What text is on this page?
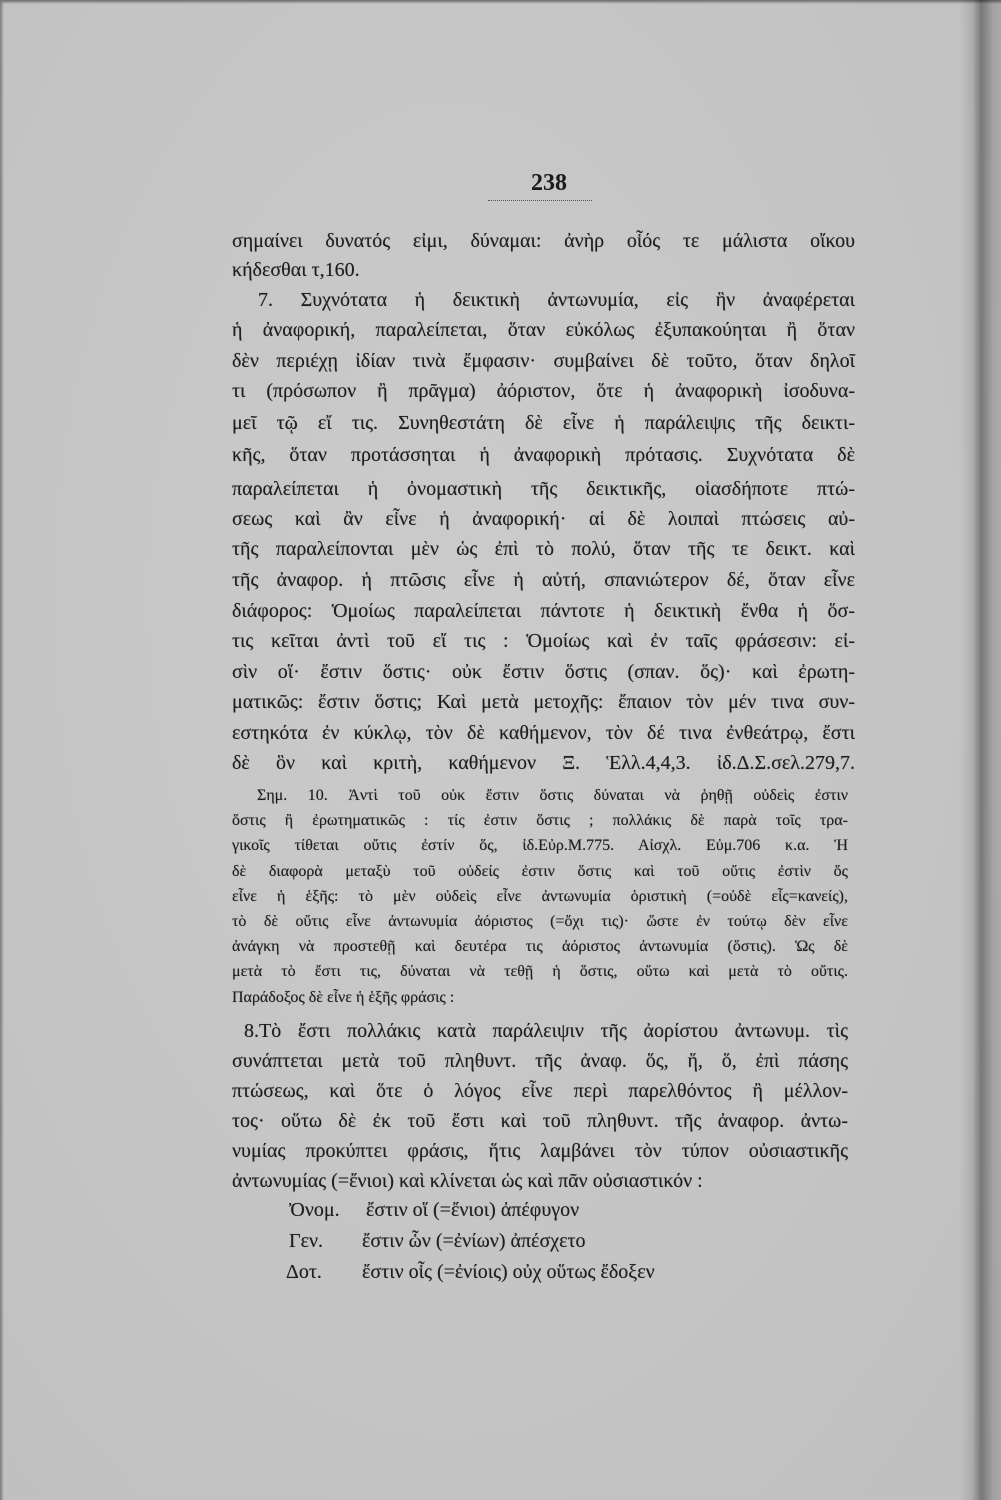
238
σημαίνει δυνατός εἰμι, δύναμαι: ἀνὴρ οἷός τε μάλιστα οἴκου
κήδεσθαι τ,160.
7. Συχνότατα ἡ δεικτικὴ ἀντωνυμία, εἰς ἣν ἀναφέρεται
ἡ ἀναφορική, παραλείπεται, ὅταν εὐκόλως ἐξυπακούηται ἢ ὅταν
δὲν περιέχῃ ἰδίαν τινὰ ἔμφασιν· συμβαίνει δὲ τοῦτο, ὅταν δηλοῖ
τι (πρόσωπον ἢ πρᾶγμα) ἀόριστον, ὅτε ἡ ἀναφορικὴ ἰσοδυνα-
μεῖ τῷ εἴ τις. Συνηθεστάτη δὲ εἶνε ἡ παράλειψις τῆς δεικτι-
κῆς, ὅταν προτάσσηται ἡ ἀναφορικὴ πρότασις. Συχνότατα δὲ
παραλείπεται ἡ ὀνομαστικὴ τῆς δεικτικῆς, οἱασδήποτε πτώ-
σεως καὶ ἂν εἶνε ἡ ἀναφορική· αἱ δὲ λοιπαὶ πτώσεις αὐ-
τῆς παραλείπονται μὲν ὡς ἐπὶ τὸ πολύ, ὅταν τῆς τε δεικτ. καὶ
τῆς ἀναφορ. ἡ πτῶσις εἶνε ἡ αὐτή, σπανιώτερον δέ, ὅταν εἶνε
διάφορος: Ὁμοίως παραλείπεται πάντοτε ἡ δεικτικὴ ἔνθα ἡ ὅσ-
τις κεῖται ἀντὶ τοῦ εἴ τις : Ὁμοίως καὶ ἐν ταῖς φράσεσιν: εἰ-
σὶν οἵ· ἔστιν ὅστις· οὐκ ἔστιν ὅστις (σπαν. ὅς)· καὶ ἐρωτη-
ματικῶς: ἔστιν ὅστις; Καὶ μετὰ μετοχῆς: ἔπαιον τὸν μέν τινα συν-
εστηκότα ἐν κύκλῳ, τὸν δὲ καθήμενον, τὸν δέ τινα ἐνθεάτρῳ, ἔστι
δὲ ὃν καὶ κριτὴ, καθήμενον Ξ. Ἑλλ.4,4,3. ἰδ.Δ.Σ.σελ.279,7.
Σημ. 10. Ἀντὶ τοῦ οὐκ ἔστιν ὅστις δύναται νὰ ῥηθῇ οὐδεὶς ἐστιν
ὅστις ἢ ἐρωτηματικῶς : τίς ἐστιν ὅστις ; πολλάκις δὲ παρὰ τοῖς τρα-
γικοῖς τίθεται οὔτις ἐστίν ὅς, ἰδ.Εὐρ.Μ.775. Αἰσχλ. Εὐμ.706 κ.α. Ἡ
δὲ διαφορὰ μεταξὺ τοῦ οὐδείς ἐστιν ὅστις καὶ τοῦ οὔτις ἐστὶν ὅς
εἶνε ἡ ἑξῆς: τὸ μὲν οὐδεὶς εἶνε ἀντωνυμία ὁριστικὴ (=οὐδὲ εἷς=κανείς),
τὸ δὲ οὔτις εἶνε ἀντωνυμία ἀόριστος (=ὄχι τις)· ὥστε ἐν τούτῳ δὲν εἶνε
ἀνάγκη νὰ προστεθῇ καὶ δευτέρα τις ἀόριστος ἀντωνυμία (ὅστις). Ὡς δὲ
μετὰ τὸ ἔστι τις, δύναται νὰ τεθῇ ἡ ὅστις, οὕτω καὶ μετὰ τὸ οὔτις.
Παράδοξος δὲ εἶνε ἡ ἑξῆς φράσις :
8.Τὸ ἔστι πολλάκις κατὰ παράλειψιν τῆς ἀορίστου ἀντωνυμ. τὶς
συνάπτεται μετὰ τοῦ πληθυντ. τῆς ἀναφ. ὅς, ἥ, ὅ, ἐπὶ πάσης
πτώσεως, καὶ ὅτε ὁ λόγος εἶνε περὶ παρελθόντος ἢ μέλλον-
τος· οὕτω δὲ ἐκ τοῦ ἔστι καὶ τοῦ πληθυντ. τῆς ἀναφορ. ἀντω-
νυμίας προκύπτει φράσις, ἥτις λαμβάνει τὸν τύπον οὐσιαστικῆς
ἀντωνυμίας (=ἔνιοι) καὶ κλίνεται ὡς καὶ πᾶν οὐσιαστικόν :
Ὀνομ. ἔστιν οἵ (=ἔνιοι) ἀπέφυγον
Γεν. ἔστιν ὧν (=ἐνίων) ἀπέσχετο
Δοτ. ἔστιν οἷς (=ἐνίοις) οὐχ οὕτως ἔδοξεν
